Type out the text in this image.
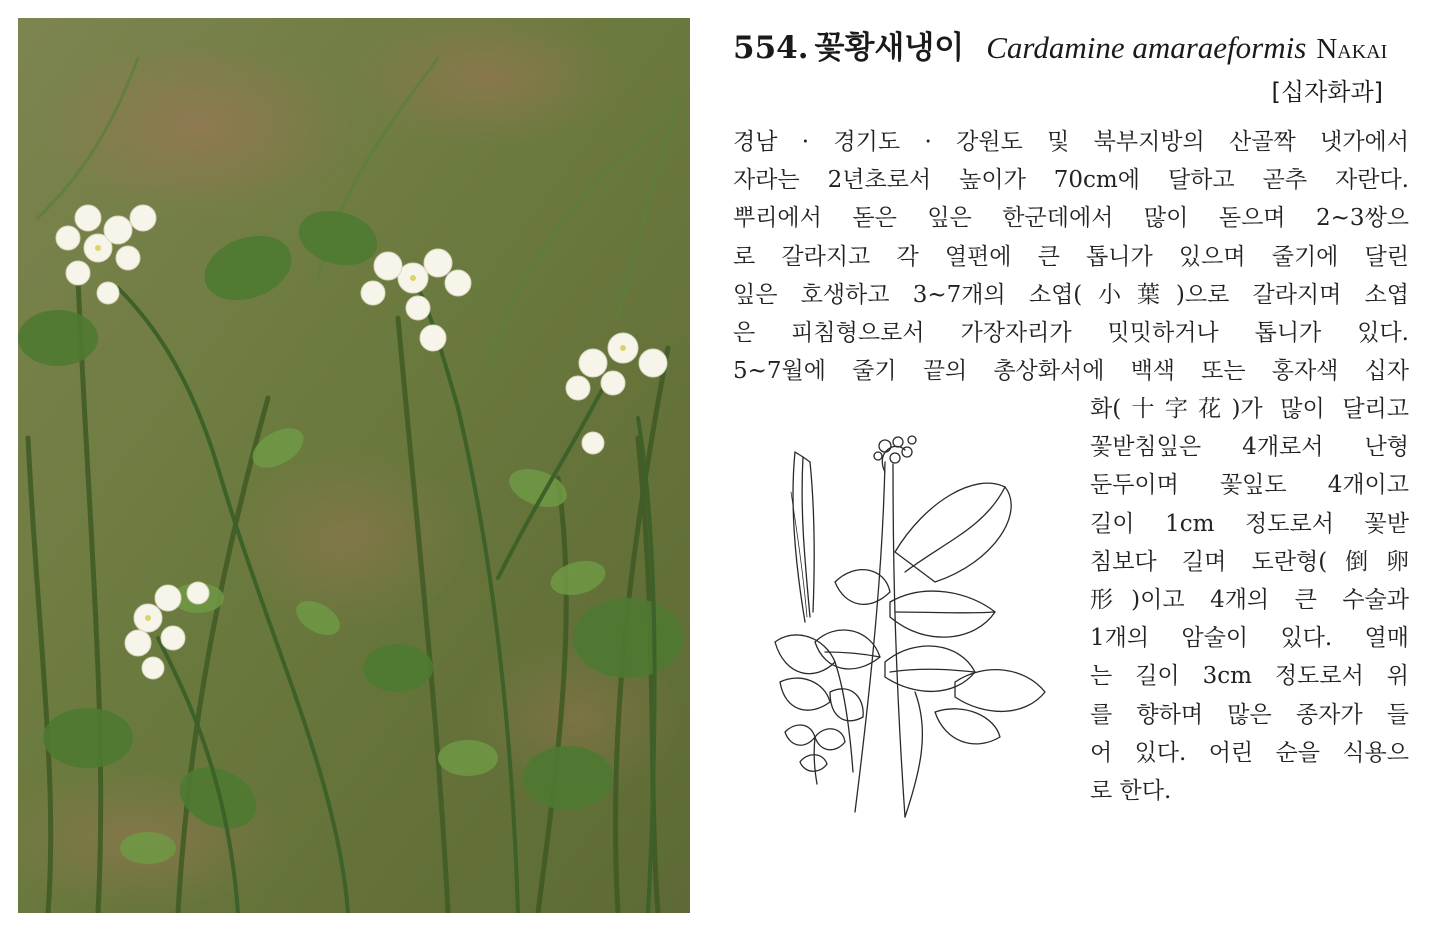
554. 꽃황새냉이 Cardamine amaraeformis Nakai
[십자화과]
경남 · 경기도 · 강원도 및 북부지방의 산골짝 냇가에서
자라는 2년초로서 높이가 70cm에 달하고 곧추 자란다.
뿌리에서 돋은 잎은 한군데에서 많이 돋으며 2~3쌍으
로 갈라지고 각 열편에 큰 톱니가 있으며 줄기에 달린
잎은 호생하고 3~7개의 소엽(小葉)으로 갈라지며 소엽
은 피침형으로서 가장자리가 밋밋하거나 톱니가 있다.
5~7월에 줄기 끝의 총상화서에 백색 또는 홍자색 십자
화(十字花)가 많이 달리고
꽃받침잎은 4개로서 난형
둔두이며 꽃잎도 4개이고
길이 1cm 정도로서 꽃받
침보다 길며 도란형(倒卵
形)이고 4개의 큰 수술과
1개의 암술이 있다. 열매
는 길이 3cm 정도로서 위
를 향하며 많은 종자가 들
어 있다. 어린 순을 식용으
로 한다.
